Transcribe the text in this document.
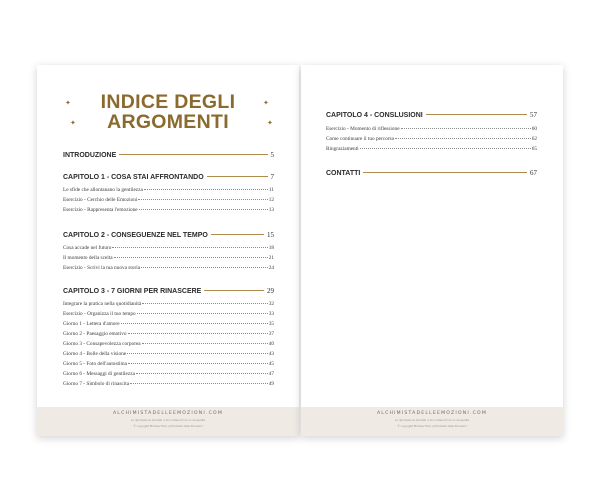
✦
✦
✦
✦
INDICE DEGLI
ARGOMENTI
INTRODUZIONE	5
CAPITOLO 1 - COSA STAI AFFRONTANDO	7
Le sfide che allontanano la gentilezza	11
Esercizio - Cerchio delle Emozioni	12
Esercizio - Rappresenta l'emozione	13
CAPITOLO 2 - CONSEGUENZE NEL TEMPO	15
Cosa accade nel futuro	18
Il momento della scelta	21
Esercizio - Scrivi la tua nuova storia	24
CAPITOLO 3 - 7 GIORNI PER RINASCERE	29
Integrare la pratica nella quotidianità	32
Esercizio - Organizza il tuo tempo	33
Giorno 1 - Lettera d'amore	35
Giorno 2 - Paesaggio emotivo	37
Giorno 3 - Consapevolezza corporea	40
Giorno 4 - Bolle della visione	43
Giorno 5 - Foto dell'autostima	45
Giorno 6 - Messaggi di gentilezza	47
Giorno 7 - Simbolo di rinascita	49
ALCHIMISTADELLEEMOZIONI.COM
La riproduzione dei testi e dei contenuti non è consentita
© copyright Michela Fiore | Alchimista delle Emozioni
CAPITOLO 4 - CONSLUSIONI	57
Esercizio - Momento di riflessione	60
Come continuare il tuo percorso	62
Ringraziamenti	65
CONTATTI	67
ALCHIMISTADELLEEMOZIONI.COM
La riproduzione dei testi e dei contenuti non è consentita
© copyright Michela Fiore | Alchimista delle Emozioni
